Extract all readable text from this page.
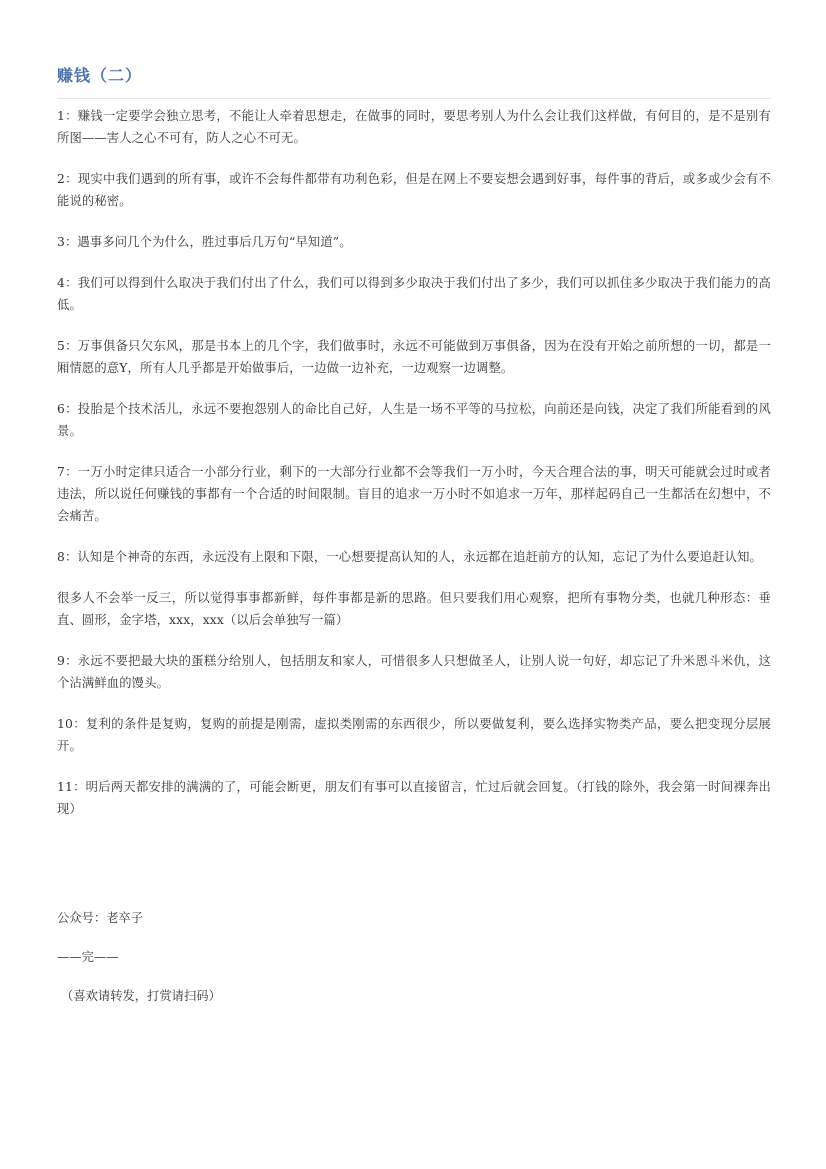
赚钱（二）

1：赚钱一定要学会独立思考，不能让人牵着思想走，在做事的同时，要思考别人为什么会让我们这样做，有何目的，是不是别有所图——害人之心不可有，防人之心不可无。

2：现实中我们遇到的所有事，或许不会每件都带有功利色彩，但是在网上不要妄想会遇到好事，每件事的背后，或多或少会有不能说的秘密。

3：遇事多问几个为什么，胜过事后几万句“早知道”。

4：我们可以得到什么取决于我们付出了什么，我们可以得到多少取决于我们付出了多少，我们可以抓住多少取决于我们能力的高低。

5：万事俱备只欠东风，那是书本上的几个字，我们做事时，永远不可能做到万事俱备，因为在没有开始之前所想的一切，都是一厢情愿的意Y，所有人几乎都是开始做事后，一边做一边补充，一边观察一边调整。

6：投胎是个技术活儿，永远不要抱怨别人的命比自己好，人生是一场不平等的马拉松，向前还是向钱，决定了我们所能看到的风景。

7：一万小时定律只适合一小部分行业，剩下的一大部分行业都不会等我们一万小时，今天合理合法的事，明天可能就会过时或者违法，所以说任何赚钱的事都有一个合适的时间限制。盲目的追求一万小时不如追求一万年，那样起码自己一生都活在幻想中，不会痛苦。

8：认知是个神奇的东西，永远没有上限和下限，一心想要提高认知的人，永远都在追赶前方的认知，忘记了为什么要追赶认知。

很多人不会举一反三，所以觉得事事都新鲜，每件事都是新的思路。但只要我们用心观察，把所有事物分类，也就几种形态：垂直、圆形，金字塔，xxx，xxx（以后会单独写一篇）

9：永远不要把最大块的蛋糕分给别人，包括朋友和家人，可惜很多人只想做圣人，让别人说一句好，却忘记了升米恩斗米仇，这个沾满鲜血的馒头。

10：复利的条件是复购，复购的前提是刚需，虚拟类刚需的东西很少，所以要做复利，要么选择实物类产品，要么把变现分层展开。

11：明后两天都安排的满满的了，可能会断更，朋友们有事可以直接留言，忙过后就会回复。（打钱的除外，我会第一时间裸奔出现）

公众号：老卒子

——完——

（喜欢请转发，打赏请扫码）
